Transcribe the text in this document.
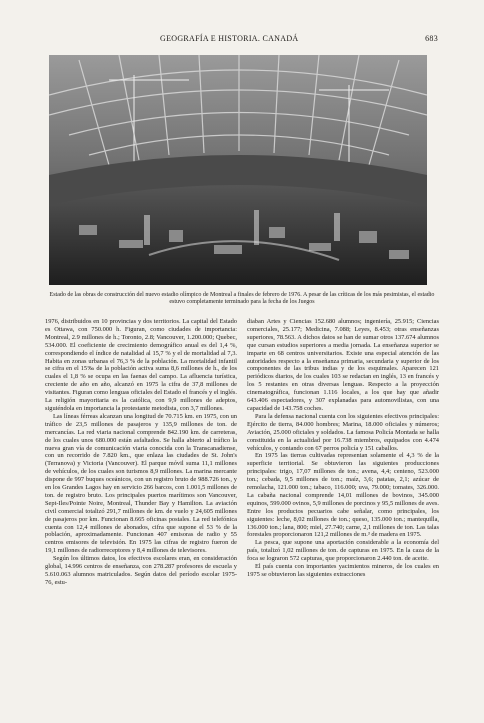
GEOGRAFÍA E HISTORIA. CANADÁ	683
Estado de las obras de construcción del nuevo estadio olímpico de Montreal a finales de febrero de 1976. A pesar de las críticas de los más pesimistas, el estadio estuvo completamente terminado para la fecha de los Juegos

1976, distribuidos en 10 provincias y dos territorios. La capital del Estado es Ottawa, con 750.000 h. Figuran, como ciudades de importancia: Montreal, 2.9 millones de h.; Toronto, 2.8; Vancouver, 1.200.000; Quebec, 534.000. El coeficiente de crecimiento demográfico anual es del 1,4 %, correspondiendo el índice de natalidad al 15,7 % y el de mortalidad al 7,3. Habita en zonas urbanas el 76,3 % de la población. La mortalidad infantil se cifra en el 15‰ de la población activa suma 8,6 millones de h., de los cuales el 1,8 % se ocupa en las faenas del campo. La afluencia turística, creciente de año en año, alcanzó en 1975 la cifra de 37,8 millones de visitantes. Figuran como lenguas oficiales del Estado el francés y el inglés. La religión mayoritaria es la católica, con 9,9 millones de adeptos, siguiéndola en importancia la protestante metodista, con 3,7 millones.

Las líneas férreas alcanzan una longitud de 70.715 km. en 1975, con un tráfico de 23,5 millones de pasajeros y 135,9 millones de ton. de mercancías. La red viaria nacional comprende 842.190 km. de carreteras, de los cuales unos 680.000 están asfaltados. Se halla abierto al tráfico la nueva gran vía de comunicación viaria conocida con la Transcanadiense, con un recorrido de 7.820 km., que enlaza las ciudades de St. John's (Terranova) y Victoria (Vancouver). El parque móvil suma 11,1 millones de vehículos, de los cuales son turismos 8,9 millones. La marina mercante dispone de 997 buques oceánicos, con un registro bruto de 988.726 ton., y en los Grandes Lagos hay en servicio 266 barcos, con 1.001,5 millones de ton. de registro bruto. Los principales puertos marítimos son Vancouver, Sept-Iles/Pointe Noire, Montreal, Thunder Bay y Hamilton. La aviación civil comercial totalizó 291,7 millones de km. de vuelo y 24,605 millones de pasajeros por km. Funcionan 8.665 oficinas postales. La red telefónica cuenta con 12,4 millones de abonados, cifra que supone el 53 % de la población, aproximadamente. Funcionan 407 emisoras de radio y 55 centros emisores de televisión. En 1975 las cifras de registro fueron de 19,1 millones de radiorreceptores y 8,4 millones de televisores.

Según los últimos datos, los efectivos escolares eran, en consideración global, 14.996 centros de enseñanza, con 278.287 profesores de escuela y 5.610.063 alumnos matriculados. Según datos del período escolar 1975-76, estu-

diaban Artes y Ciencias 152.680 alumnos; ingeniería, 25.915; Ciencias comerciales, 25.177; Medicina, 7.088; Leyes, 8.453; otras enseñanzas superiores, 78.563. A dichos datos se han de sumar otros 137.674 alumnos que cursan estudios superiores a media jornada. La enseñanza superior se imparte en 68 centros universitarios. Existe una especial atención de las autoridades respecto a la enseñanza primaria, secundaria y superior de los componentes de las tribus indias y de los esquimales. Aparecen 121 periódicos diarios, de los cuales 103 se redactan en inglés, 13 en francés y los 5 restantes en otras diversas lenguas. Respecto a la proyección cinematográfica, funcionan 1.116 locales, a los que hay que añadir 643.406 espectadores, y 307 explanadas para automovilistas, con una capacidad de 143.758 coches.

Para la defensa nacional cuenta con los siguientes efectivos principales: Ejército de tierra, 84.000 hombres; Marina, 18.000 oficiales y números; Aviación, 25.000 oficiales y soldados. La famosa Policía Montada se halla constituida en la actualidad por 16.738 miembros, equipados con 4.474 vehículos, y contando con 67 perros policía y 151 caballos.

En 1975 las tierras cultivadas representan solamente el 4,3 % de la superficie territorial. Se obtuvieron las siguientes producciones principales: trigo, 17,07 millones de ton.; avena, 4,4; centeno, 523.000 ton.; cebada, 9,5 millones de ton.; maíz, 3,6; patatas, 2,1; azúcar de remolacha, 121.000 ton.; tabaco, 116.000; uva, 79.000; tomates, 326.000. La cabaña nacional comprende 14,01 millones de bovinos, 345.000 equinos, 599.000 ovinos, 5,9 millones de porcinos y 95,5 millones de aves. Entre los productos pecuarios cabe señalar, como principales, los siguientes: leche, 8,02 millones de ton.; queso, 135.000 ton.; mantequilla, 136.000 ton.; lana, 800; miel, 27.740; carne, 2,1 millones de ton. Las talas forestales proporcionaron 121,2 millones de m.³ de madera en 1975.

La pesca, que supone una aportación considerable a la economía del país, totalizó 1,02 millones de ton. de capturas en 1975. En la caza de la foca se lograron 572 capturas, que proporcionaron 2.440 ton. de aceite.

El país cuenta con importantes yacimientos mineros, de los cuales en 1975 se obtuvieron las siguientes extracciones
